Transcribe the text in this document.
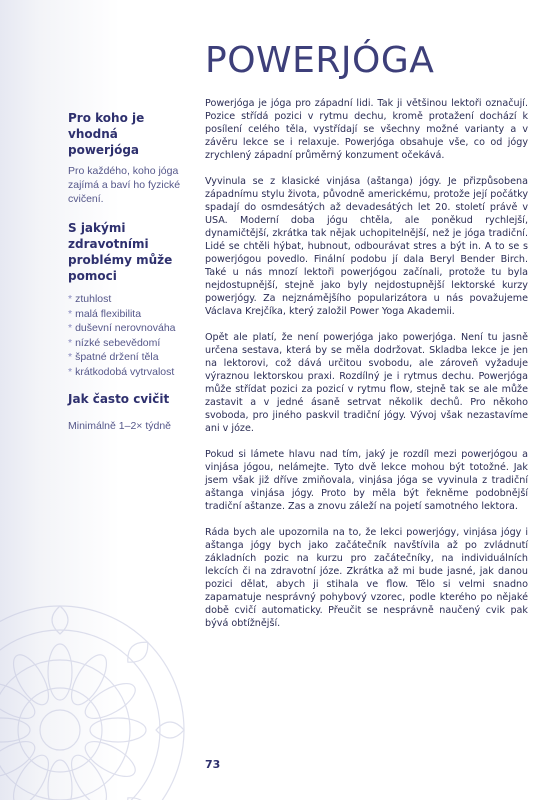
POWERJÓGA
Pro koho je vhodná powerjóga

Pro každého, koho jóga zajímá a baví ho fyzické cvičení.

S jakými zdravotními problémy může pomoci
* ztuhlost
* malá flexibilita
* duševní nerovnováha
* nízké sebevědomí
* špatné držení těla
* krátkodobá vytrvalost
Jak často cvičit

Minimálně 1–2× týdně

Powerjóga je jóga pro západní lidi. Tak ji většinou lektoři označují. Pozice střídá pozici v rytmu dechu, kromě protažení dochází k posílení celého těla, vystřídají se všechny možné varianty a v závěru lekce se i relaxuje. Powerjóga obsahuje vše, co od jógy zrychlený západní průměrný konzument očekává.

Vyvinula se z klasické vinjása (aštanga) jógy. Je přizpůsobena západnímu stylu života, původně americkému, protože její počátky spadají do osmdesátých až devadesátých let 20. století právě v USA. Moderní doba jógu chtěla, ale poněkud rychlejší, dynamičtější, zkrátka tak nějak uchopitelnější, než je jóga tradiční. Lidé se chtěli hýbat, hubnout, odbourávat stres a být in. A to se s powerjógou povedlo. Finální podobu jí dala Beryl Bender Birch. Také u nás mnozí lektoři powerjógou začínali, protože tu byla nejdostupnější, stejně jako byly nejdostupnější lektorské kurzy powerjógy. Za nejznámějšího popularizátora u nás považujeme Václava Krejčíka, který založil Power Yoga Akademii.

Opět ale platí, že není powerjóga jako powerjóga. Není tu jasně určena sestava, která by se měla dodržovat. Skladba lekce je jen na lektorovi, což dává určitou svobodu, ale zároveň vyžaduje výraznou lektorskou praxi. Rozdílný je i rytmus dechu. Powerjóga může střídat pozici za pozicí v rytmu flow, stejně tak se ale může zastavit a v jedné ásaně setrvat několik dechů. Pro někoho svoboda, pro jiného paskvil tradiční jógy. Vývoj však nezastavíme ani v józe.

Pokud si lámete hlavu nad tím, jaký je rozdíl mezi powerjógou a vinjása jógou, nelámejte. Tyto dvě lekce mohou být totožné. Jak jsem však již dříve zmiňovala, vinjása jóga se vyvinula z tradiční aštanga vinjása jógy. Proto by měla být řekněme podobnější tradiční aštanze. Zas a znovu záleží na pojetí samotného lektora.

Ráda bych ale upozornila na to, že lekci powerjógy, vinjása jógy i aštanga jógy bych jako začátečník navštívila až po zvládnutí základních pozic na kurzu pro začátečníky, na individuálních lekcích či na zdravotní józe. Zkrátka až mi bude jasné, jak danou pozici dělat, abych ji stihala ve flow. Tělo si velmi snadno zapamatuje nesprávný pohybový vzorec, podle kterého po nějaké době cvičí automaticky. Přeučit se nesprávně naučený cvik pak bývá obtížnější.

73
